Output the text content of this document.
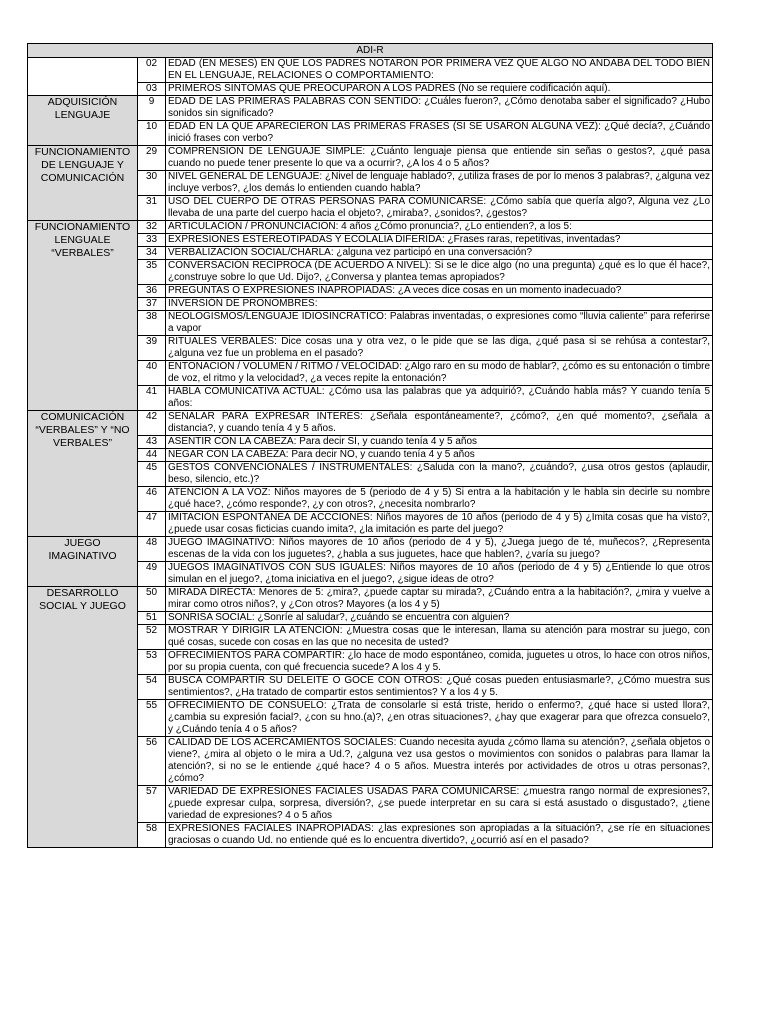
ADI-R		
	02	EDAD (EN MESES) EN QUE LOS PADRES NOTARON POR PRIMERA VEZ QUE ALGO NO ANDABA DEL TODO BIEN EN EL LENGUAJE, RELACIONES O COMPORTAMIENTO:
	03	PRIMEROS SINTOMAS QUE PREOCUPARON A LOS PADRES (No se requiere codificación aquí).
ADQUISICIÓN LENGUAJE	9	EDAD DE LAS PRIMERAS PALABRAS CON SENTIDO: ¿Cuáles fueron?, ¿Cómo denotaba saber el significado? ¿Hubo sonidos sin significado?
	10	EDAD EN LA QUE APARECIERON LAS PRIMERAS FRASES (SI SE USARON ALGUNA VEZ): ¿Qué decía?, ¿Cuándo inició frases con verbo?
FUNCIONAMIENTO DE LENGUAJE Y COMUNICACIÓN	29	COMPRENSIÓN DE LENGUAJE SIMPLE: ¿Cuánto lenguaje piensa que entiende sin señas o gestos?, ¿qué pasa cuando no puede tener presente lo que va a ocurrir?, ¿A los 4 o 5 años?
	30	NIVEL GENERAL DE LENGUAJE: ¿Nivel de lenguaje hablado?, ¿utiliza frases de por lo menos 3 palabras?, ¿alguna vez incluye verbos?, ¿los demás lo entienden cuando habla?
	31	USO DEL CUERPO DE OTRAS PERSONAS PARA COMUNICARSE: ¿Cómo sabía que quería algo?, Alguna vez ¿Lo llevaba de una parte del cuerpo hacia el objeto?, ¿miraba?, ¿sonidos?, ¿gestos?
FUNCIONAMIENTO LENGUALE “VERBALES”	32	ARTICULACIÓN / PRONUNCIACIÓN: 4 años ¿Cómo pronuncia?, ¿Lo entienden?, a los 5:
	33	EXPRESIONES ESTEREOTIPADAS Y ECOLALIA DIFERIDA: ¿Frases raras, repetitivas, inventadas?
	34	VERBALIZACIÓN SOCIAL/CHARLA: ¿alguna vez participó en una conversación?
	35	CONVERSACIÓN RECÍPROCA (DE ACUERDO A NIVEL): Si se le dice algo (no una pregunta) ¿qué es lo que él hace?, ¿construye sobre lo que Ud. Dijo?, ¿Conversa y plantea temas apropiados?
	36	PREGUNTAS O EXPRESIONES INAPROPIADAS: ¿A veces dice cosas en un momento inadecuado?
	37	INVERSIÓN DE PRONOMBRES:
	38	NEOLOGISMOS/LENGUAJE IDIOSINCRÁTICO: Palabras inventadas, o expresiones como “lluvia caliente” para referirse a vapor
	39	RITUALES VERBALES: Dice cosas una y otra vez, o le pide que se las diga, ¿qué pasa si se rehúsa a contestar?, ¿alguna vez fue un problema en el pasado?
	40	ENTONACIÓN / VOLUMEN / RITMO / VELOCIDAD: ¿Algo raro en su modo de hablar?, ¿cómo es su entonación o timbre de voz, el ritmo y la velocidad?, ¿a veces repite la entonación?
	41	HABLA COMUNICATIVA ACTUAL: ¿Cómo usa las palabras que ya adquirió?, ¿Cuándo habla más? Y cuando tenía 5 años:
COMUNICACIÓN “VERBALES” Y “NO VERBALES”	42	SEÑALAR PARA EXPRESAR INTERÉS: ¿Señala espontáneamente?, ¿cómo?, ¿en qué momento?, ¿señala a distancia?, y cuando tenía 4 y 5 años.
	43	ASENTIR CON LA CABEZA: Para decir SÍ, y cuando tenía 4 y 5 años
	44	NEGAR CON LA CABEZA: Para decir NO, y cuando tenía 4 y 5 años
	45	GESTOS CONVENCIONALES / INSTRUMENTALES: ¿Saluda con la mano?, ¿cuándo?, ¿usa otros gestos (aplaudir, beso, silencio, etc.)?
	46	ATENCIÓN A LA VOZ: Niños mayores de 5 (periodo de 4 y 5) Si entra a la habitación y le habla sin decirle su nombre ¿qué hace?, ¿cómo responde?, ¿y con otros?, ¿necesita nombrarlo?
	47	IMITACIÓN ESPONTÁNEA DE ACCCIONES: Niños mayores de 10 años (periodo de 4 y 5) ¿Imita cosas que ha visto?, ¿puede usar cosas ficticias cuando imita?, ¿la imitación es parte del juego?
JUEGO IMAGINATIVO	48	JUEGO IMAGINATIVO: Niños mayores de 10 años (periodo de 4 y 5), ¿Juega juego de té, muñecos?, ¿Representa escenas de la vida con los juguetes?, ¿habla a sus juguetes, hace que hablen?, ¿varía su juego?
	49	JUEGOS IMAGINATIVOS CON SUS IGUALES: Niños mayores de 10 años (periodo de 4 y 5) ¿Entiende lo que otros simulan en el juego?, ¿toma iniciativa en el juego?, ¿sigue ideas de otro?
DESARROLLO SOCIAL Y JUEGO	50	MIRADA DIRECTA: Menores de 5: ¿mira?, ¿puede captar su mirada?, ¿Cuándo entra a la habitación?, ¿mira y vuelve a mirar como otros niños?, y ¿Con otros? Mayores (a los 4 y 5)
	51	SONRISA SOCIAL: ¿Sonríe al saludar?, ¿cuándo se encuentra con alguien?
	52	MOSTRAR Y DIRIGIR LA ATENCIÓN: ¿Muestra cosas que le interesan, llama su atención para mostrar su juego, con qué cosas, sucede con cosas en las que no necesita de usted?
	53	OFRECIMIENTOS PARA COMPARTIR: ¿lo hace de modo espontáneo, comida, juguetes u otros, lo hace con otros niños, por su propia cuenta, con qué frecuencia sucede? A los 4 y 5.
	54	BUSCA COMPARTIR SU DELEITE O GOCE CON OTROS: ¿Qué cosas pueden entusiasmarle?, ¿Cómo muestra sus sentimientos?, ¿Ha tratado de compartir estos sentimientos? Y a los 4 y 5.
	55	OFRECIMIENTO DE CONSUELO: ¿Trata de consolarle si está triste, herido o enfermo?, ¿qué hace si usted llora?, ¿cambia su expresión facial?, ¿con su hno.(a)?, ¿en otras situaciones?, ¿hay que exagerar para que ofrezca consuelo?, y ¿Cuándo tenía 4 o 5 años?
	56	CALIDAD DE LOS ACERCAMIENTOS SOCIALES: Cuando necesita ayuda ¿cómo llama su atención?, ¿señala objetos o viene?, ¿mira al objeto o le mira a Ud.?, ¿alguna vez usa gestos o movimientos con sonidos o palabras para llamar la atención?, si no se le entiende ¿qué hace? 4 o 5 años. Muestra interés por actividades de otros u otras personas?, ¿cómo?
	57	VARIEDAD DE EXPRESIONES FACIALES USADAS PARA COMUNICARSE: ¿muestra rango normal de expresiones?, ¿puede expresar culpa, sorpresa, diversión?, ¿se puede interpretar en su cara si está asustado o disgustado?, ¿tiene variedad de expresiones? 4 o 5 años
	58	EXPRESIONES FACIALES INAPROPIADAS: ¿las expresiones son apropiadas a la situación?, ¿se ríe en situaciones graciosas o cuando Ud. no entiende qué es lo encuentra divertido?, ¿ocurrió así en el pasado?
